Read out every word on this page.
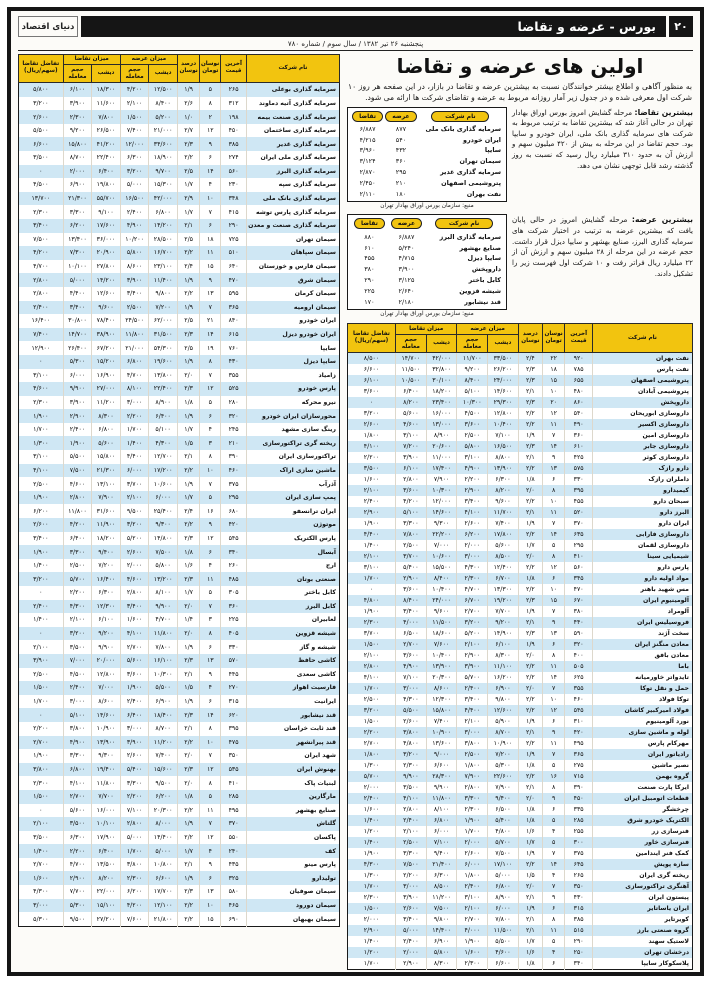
۲۰
بورس - عرضه و تقاضا
دنیای اقتصاد
پنجشنبه ۲۶ تیر ۱۳۸۲ / سال سوم / شماره ۷۸۰
اولین های عرضه و تقاضا

به منظور آگاهی و اطلاع بیشتر خوانندگان نسبت به بیشترین عرضه و تقاضا در بازار، در این صفحه هر روز ۱۰ شرکت اول معرفی شده و در جدول زیر آمار روزانه مربوط به عرضه و تقاضای شرکت ها ارائه می شود.

بیشترین تقاضا: مرحله گشایش امروز بورس اوراق بهادار تهران در حالی آغاز شد که بیشترین تقاضا به ترتیب مربوط به شرکت های سرمایه گذاری بانک ملی، ایران خودرو و سایپا بود. حجم تقاضا در این مرحله به بیش از ۴۲۰ میلیون سهم و ارزش آن به حدود ۳۱۰ میلیارد ریال رسید که نسبت به روز گذشته رشد قابل توجهی نشان می دهد.
نام شرکت	عرضه	تقاضا
سرمایه گذاری بانک ملی	۸۷۷	۶/۸۸۷
ایران خودرو	۵۴۰	۴/۲۱۵
سایپا	۴۳۲	۳/۹۶۰
سیمان تهران	۳۶۰	۳/۱۲۴
سرمایه گذاری غدیر	۲۹۵	۲/۸۷۰
پتروشیمی اصفهان	۲۱۰	۲/۴۵۰
نفت بهران	۱۸۰	۲/۱۱۰
منبع: سازمان بورس اوراق بهادار تهران
بیشترین عرضه: مرحله گشایش امروز در حالی پایان یافت که بیشترین عرضه به ترتیب در اختیار شرکت های سرمایه گذاری البرز، صنایع بهشهر و سایپا دیزل قرار داشت. حجم عرضه در این مرحله از ۲۸ میلیون سهم و ارزش آن از ۲۲ میلیارد ریال فراتر رفت و ۱۰ شرکت اول فهرست زیر را تشکیل دادند.
نام شرکت	عرضه	تقاضا
سرمایه گذاری البرز	۶/۸۸۷	۸۸۰
صنایع بهشهر	۵/۲۴۰	۶۱۰
سایپا دیزل	۴/۷۱۵	۴۵۵
داروپخش	۳/۹۰۰	۳۸۰
کابل باختر	۳/۱۲۵	۲۹۰
شیشه قزوین	۲/۶۴۰	۲۲۵
قند نیشابور	۲/۱۸۰	۱۷۰
منبع: سازمان بورس اوراق بهادار تهران
نام شرکت	آخرین قیمت	نوسان تومان	درصد نوسان	میزان عرضه		میزان تقاضا		تفاضل تقاضا (سهم/ریال)
				دیشب	حجم معامله	دیشب	حجم معامله	
نفت بهران	۹۲۰	۲۲	۲/۴	۳۳/۵۰۰	۱۱/۷۰۰	۴۲/۰۰۰	۱۴/۷۰۰	۸/۵۰۰
نفت پارس	۷۸۵	۱۸	۲/۳	۲۶/۲۰۰	۹/۲۰۰	۳۲/۸۰۰	۱۱/۵۰۰	۶/۶۰۰
پتروشیمی اصفهان	۶۵۵	۱۵	۲/۳	۲۴/۰۰۰	۸/۴۰۰	۳۰/۱۰۰	۱۰/۵۰۰	۶/۱۰۰
پتروشیمی آبادان	۴۸۰	۱۰	۲/۱	۱۴/۶۰۰	۵/۱۰۰	۱۸/۲۰۰	۶/۴۰۰	۳/۶۰۰
داروپخش	۸۶۰	۲۰	۲/۳	۲۹/۳۰۰	۱۰/۳۰۰	۲۳/۴۰۰	۸/۲۰۰	۰
داروسازی ابوریحان	۵۴۰	۱۲	۲/۲	۱۲/۸۰۰	۴/۵۰۰	۱۶/۰۰۰	۵/۶۰۰	۳/۲۰۰
داروسازی اکسیر	۴۹۰	۱۱	۲/۲	۱۰/۴۰۰	۳/۶۰۰	۱۳/۰۰۰	۴/۶۰۰	۲/۶۰۰
داروسازی امین	۳۶۰	۷	۱/۹	۷/۱۰۰	۲/۵۰۰	۸/۹۰۰	۳/۱۰۰	۱/۸۰۰
داروسازی جابر	۶۱۰	۱۴	۲/۳	۱۶/۵۰۰	۵/۸۰۰	۲۰/۶۰۰	۷/۲۰۰	۴/۱۰۰
داروسازی کوثر	۴۲۵	۹	۲/۱	۸/۸۰۰	۳/۱۰۰	۱۱/۰۰۰	۳/۹۰۰	۲/۲۰۰
دارو رازک	۵۷۵	۱۳	۲/۲	۱۳/۹۰۰	۴/۹۰۰	۱۷/۴۰۰	۶/۱۰۰	۳/۵۰۰
داملران رازک	۳۳۰	۶	۱/۸	۶/۳۰۰	۲/۲۰۰	۷/۹۰۰	۲/۸۰۰	۱/۶۰۰
کیمیدارو	۳۹۵	۸	۲/۰	۸/۲۰۰	۲/۹۰۰	۱۰/۳۰۰	۳/۶۰۰	۲/۱۰۰
سبحان دارو	۴۵۵	۱۰	۲/۲	۹/۶۰۰	۳/۴۰۰	۱۲/۰۰۰	۴/۲۰۰	۲/۴۰۰
البرز دارو	۵۲۰	۱۱	۲/۱	۱۱/۷۰۰	۴/۱۰۰	۱۴/۶۰۰	۵/۱۰۰	۲/۹۰۰
ایران دارو	۳۷۰	۷	۱/۹	۷/۴۰۰	۲/۶۰۰	۹/۳۰۰	۳/۳۰۰	۱/۹۰۰
داروسازی فارابی	۶۳۵	۱۴	۲/۲	۱۷/۸۰۰	۶/۲۰۰	۲۲/۲۰۰	۷/۸۰۰	۴/۴۰۰
داروسازی لقمان	۲۹۵	۵	۱/۷	۵/۶۰۰	۲/۰۰۰	۷/۰۰۰	۲/۵۰۰	۱/۴۰۰
شیمیایی سینا	۴۱۰	۸	۲/۰	۸/۵۰۰	۳/۰۰۰	۱۰/۶۰۰	۳/۷۰۰	۲/۱۰۰
پارس دارو	۵۶۰	۱۲	۲/۲	۱۲/۴۰۰	۴/۳۰۰	۱۵/۵۰۰	۵/۴۰۰	۳/۱۰۰
مواد اولیه دارو	۳۴۵	۶	۱/۸	۶/۷۰۰	۲/۳۰۰	۸/۴۰۰	۲/۹۰۰	۱/۷۰۰
مس شهید باهنر	۴۷۰	۱۰	۲/۲	۱۳/۳۰۰	۴/۷۰۰	۱۰/۴۰۰	۳/۶۰۰	۰
آلومینیوم ایران	۶۷۰	۱۵	۲/۳	۱۹/۲۰۰	۶/۷۰۰	۲۴/۰۰۰	۸/۴۰۰	۴/۸۰۰
آلومراد	۳۸۰	۷	۱/۹	۷/۷۰۰	۲/۷۰۰	۹/۶۰۰	۳/۴۰۰	۱/۹۰۰
فروسیلیس ایران	۴۴۰	۹	۲/۱	۹/۲۰۰	۳/۲۰۰	۱۱/۵۰۰	۴/۰۰۰	۲/۳۰۰
سخت آژند	۵۹۰	۱۳	۲/۳	۱۴/۹۰۰	۵/۲۰۰	۱۸/۶۰۰	۶/۵۰۰	۳/۷۰۰
معادن منگنز ایران	۳۲۰	۶	۱/۹	۶/۱۰۰	۲/۱۰۰	۷/۶۰۰	۲/۷۰۰	۱/۵۰۰
معادن بافق	۴۰۰	۸	۲/۰	۸/۳۰۰	۲/۹۰۰	۱۰/۴۰۰	۳/۶۰۰	۲/۱۰۰
باما	۵۰۵	۱۱	۲/۲	۱۱/۱۰۰	۳/۹۰۰	۱۳/۹۰۰	۴/۹۰۰	۲/۸۰۰
تایدواتر خاورمیانه	۶۲۵	۱۴	۲/۲	۱۶/۲۰۰	۵/۷۰۰	۲۰/۳۰۰	۷/۱۰۰	۴/۱۰۰
حمل و نقل توکا	۳۵۵	۷	۲/۰	۶/۹۰۰	۲/۴۰۰	۸/۶۰۰	۳/۰۰۰	۱/۷۰۰
توکا فولاد	۴۶۰	۱۰	۲/۲	۹/۸۰۰	۳/۴۰۰	۱۲/۳۰۰	۴/۳۰۰	۲/۵۰۰
فولاد امیرکبیر کاشان	۵۴۵	۱۲	۲/۲	۱۲/۶۰۰	۴/۴۰۰	۱۵/۸۰۰	۵/۵۰۰	۳/۲۰۰
نورد آلومینیوم	۳۱۰	۶	۱/۹	۵/۹۰۰	۲/۱۰۰	۷/۴۰۰	۲/۶۰۰	۱/۵۰۰
لوله و ماشین سازی	۴۲۰	۹	۲/۱	۸/۷۰۰	۳/۰۰۰	۱۰/۹۰۰	۳/۸۰۰	۲/۲۰۰
مهرکام پارس	۴۹۵	۱۱	۲/۲	۱۰/۹۰۰	۳/۸۰۰	۱۳/۶۰۰	۴/۸۰۰	۲/۷۰۰
رادیاتور ایران	۳۶۵	۷	۱/۹	۷/۲۰۰	۲/۵۰۰	۹/۰۰۰	۳/۲۰۰	۱/۸۰۰
نصیر ماشین	۲۷۵	۵	۱/۸	۵/۳۰۰	۱/۸۰۰	۶/۶۰۰	۲/۳۰۰	۱/۳۰۰
گروه بهمن	۷۱۵	۱۶	۲/۲	۲۲/۶۰۰	۷/۹۰۰	۲۸/۳۰۰	۹/۹۰۰	۵/۷۰۰
ایرکا پارت صنعت	۳۹۰	۸	۲/۱	۷/۹۰۰	۲/۸۰۰	۹/۹۰۰	۳/۵۰۰	۲/۰۰۰
قطعات اتومبیل ایران	۴۵۰	۹	۲/۰	۹/۴۰۰	۳/۳۰۰	۱۱/۸۰۰	۴/۱۰۰	۲/۴۰۰
چرخشگر	۳۳۵	۶	۱/۸	۶/۵۰۰	۲/۳۰۰	۸/۱۰۰	۲/۸۰۰	۱/۶۰۰
الکتریک خودرو شرق	۲۸۵	۵	۱/۸	۵/۴۰۰	۱/۹۰۰	۶/۸۰۰	۲/۴۰۰	۱/۴۰۰
فنرسازی زر	۲۵۵	۴	۱/۶	۴/۸۰۰	۱/۷۰۰	۶/۰۰۰	۲/۱۰۰	۱/۲۰۰
فنرسازی خاور	۳۰۰	۵	۱/۷	۵/۷۰۰	۲/۰۰۰	۷/۱۰۰	۲/۵۰۰	۱/۴۰۰
کمک فنر ایندامین	۳۷۵	۷	۱/۹	۷/۵۰۰	۲/۶۰۰	۹/۴۰۰	۳/۳۰۰	۱/۹۰۰
سازه پویش	۶۴۵	۱۴	۲/۲	۱۷/۱۰۰	۶/۰۰۰	۲۱/۴۰۰	۷/۵۰۰	۴/۳۰۰
ریخته گری ایران	۲۶۵	۴	۱/۵	۵/۰۰۰	۱/۸۰۰	۶/۳۰۰	۲/۲۰۰	۱/۳۰۰
آهنگری تراکتورسازی	۳۵۰	۷	۲/۰	۶/۸۰۰	۲/۴۰۰	۸/۵۰۰	۳/۰۰۰	۱/۷۰۰
پیستون ایران	۴۳۰	۹	۲/۱	۸/۹۰۰	۳/۱۰۰	۱۱/۲۰۰	۳/۹۰۰	۲/۳۰۰
ایران یاساتایر	۳۱۵	۶	۱/۹	۶/۰۰۰	۲/۱۰۰	۷/۵۰۰	۲/۶۰۰	۱/۵۰۰
کویرتایر	۳۸۵	۸	۲/۱	۷/۸۰۰	۲/۷۰۰	۹/۸۰۰	۳/۴۰۰	۲/۰۰۰
گروه صنعتی بارز	۵۱۵	۱۱	۲/۱	۱۱/۵۰۰	۴/۰۰۰	۱۴/۴۰۰	۵/۰۰۰	۲/۹۰۰
لاستیک سهند	۲۹۰	۵	۱/۷	۵/۵۰۰	۱/۹۰۰	۶/۹۰۰	۲/۴۰۰	۱/۴۰۰
درخشان تهران	۲۵۰	۴	۱/۶	۴/۶۰۰	۱/۶۰۰	۵/۸۰۰	۲/۰۰۰	۱/۲۰۰
پلاسکوکار سایپا	۳۴۰	۶	۱/۸	۶/۶۰۰	۲/۳۰۰	۸/۳۰۰	۲/۹۰۰	۱/۷۰۰
نام شرکت	آخرین قیمت	نوسان تومان	درصد نوسان	میزان عرضه		میزان تقاضا		تفاضل تقاضا (سهم/ریال)
				دیشب	حجم معامله	دیشب	حجم معامله	
سرمایه گذاری بوعلی	۲۶۵	۵	۱/۹	۱۲/۵۰۰	۴/۲۰۰	۱۸/۳۰۰	۶/۱۰۰	۵/۸۰۰
سرمایه گذاری آتیه دماوند	۳۱۲	۸	۲/۶	۸/۴۰۰	۲/۱۰۰	۱۱/۶۰۰	۳/۹۰۰	۳/۲۰۰
سرمایه گذاری صنعت بیمه	۱۹۸	۲	۱/۰	۵/۲۰۰	۱/۵۰۰	۷/۸۰۰	۲/۳۰۰	۲/۶۰۰
سرمایه گذاری ساختمان	۴۵۰	۱۲	۲/۷	۲۱/۰۰۰	۷/۴۰۰	۲۶/۵۰۰	۹/۲۰۰	۵/۵۰۰
سرمایه گذاری غدیر	۳۸۵	۹	۲/۳	۳۴/۶۰۰	۱۲/۰۰۰	۴۱/۲۰۰	۱۵/۸۰۰	۶/۶۰۰
سرمایه گذاری ملی ایران	۲۷۴	۶	۲/۲	۱۸/۹۰۰	۶/۳۰۰	۲۲/۴۰۰	۸/۷۰۰	۳/۵۰۰
سرمایه گذاری البرز	۵۶۰	۱۴	۲/۵	۹/۷۰۰	۳/۲۰۰	۶/۴۰۰	۲/۰۰۰	۰
سرمایه گذاری سپه	۲۳۰	۴	۱/۷	۱۵/۳۰۰	۵/۰۰۰	۱۹/۸۰۰	۶/۹۰۰	۴/۵۰۰
سرمایه گذاری بانک ملی	۳۴۸	۱۰	۲/۹	۴۲/۰۰۰	۱۶/۵۰۰	۵۵/۷۰۰	۲۱/۳۰۰	۱۳/۷۰۰
سرمایه گذاری پارس توشه	۴۱۵	۷	۱/۷	۶/۸۰۰	۲/۴۰۰	۹/۱۰۰	۳/۳۰۰	۲/۳۰۰
سرمایه گذاری صنعت و معدن	۲۹۰	۶	۲/۱	۱۴/۲۰۰	۴/۹۰۰	۱۷/۶۰۰	۶/۲۰۰	۳/۴۰۰
سیمان تهران	۷۲۵	۱۸	۲/۵	۲۸/۵۰۰	۱۰/۲۰۰	۳۶/۰۰۰	۱۳/۴۰۰	۷/۵۰۰
سیمان سپاهان	۵۱۰	۱۱	۲/۲	۱۶/۷۰۰	۵/۸۰۰	۲۰/۹۰۰	۷/۳۰۰	۴/۲۰۰
سیمان فارس و خوزستان	۶۴۰	۱۵	۲/۴	۲۳/۱۰۰	۸/۶۰۰	۲۷/۸۰۰	۱۰/۱۰۰	۴/۷۰۰
سیمان شرق	۴۷۰	۹	۱/۹	۱۱/۴۰۰	۳/۹۰۰	۱۴/۲۰۰	۵/۰۰۰	۲/۸۰۰
سیمان کرمان	۵۹۵	۱۳	۲/۲	۹/۸۰۰	۳/۴۰۰	۱۲/۶۰۰	۴/۴۰۰	۲/۸۰۰
سیمان ارومیه	۳۶۵	۷	۱/۹	۷/۲۰۰	۲/۵۰۰	۹/۶۰۰	۳/۴۰۰	۲/۴۰۰
ایران خودرو	۸۴۰	۲۱	۲/۵	۶۲/۰۰۰	۲۴/۵۰۰	۷۸/۴۰۰	۳۰/۸۰۰	۱۶/۴۰۰
ایران خودرو دیزل	۶۱۵	۱۴	۲/۳	۳۱/۵۰۰	۱۱/۸۰۰	۳۸/۹۰۰	۱۴/۷۰۰	۷/۴۰۰
سایپا	۷۶۰	۱۹	۲/۵	۵۴/۳۰۰	۲۱/۰۰۰	۶۷/۲۰۰	۲۶/۴۰۰	۱۲/۹۰۰
سایپا دیزل	۴۳۰	۸	۱/۹	۱۹/۶۰۰	۶/۸۰۰	۱۵/۲۰۰	۵/۳۰۰	۰
زامیاد	۳۵۵	۷	۲/۰	۱۳/۸۰۰	۴/۷۰۰	۱۶/۹۰۰	۶/۰۰۰	۳/۱۰۰
پارس خودرو	۵۲۵	۱۲	۲/۳	۲۲/۴۰۰	۸/۱۰۰	۲۷/۰۰۰	۹/۹۰۰	۴/۶۰۰
نیرو محرکه	۲۸۰	۵	۱/۸	۸/۹۰۰	۳/۰۰۰	۱۱/۲۰۰	۳/۹۰۰	۲/۳۰۰
محورسازان ایران خودرو	۳۲۰	۶	۱/۹	۶/۴۰۰	۲/۲۰۰	۸/۳۰۰	۲/۹۰۰	۱/۹۰۰
رینگ سازی مشهد	۲۴۵	۴	۱/۷	۵/۱۰۰	۱/۷۰۰	۶/۸۰۰	۲/۴۰۰	۱/۷۰۰
ریخته گری تراکتورسازی	۲۱۰	۳	۱/۵	۴/۳۰۰	۱/۴۰۰	۵/۶۰۰	۱/۹۰۰	۱/۳۰۰
تراکتورسازی ایران	۳۹۰	۸	۲/۱	۱۲/۷۰۰	۴/۴۰۰	۱۵/۸۰۰	۵/۵۰۰	۳/۱۰۰
ماشین سازی اراک	۴۶۰	۱۰	۲/۲	۱۷/۲۰۰	۶/۰۰۰	۲۱/۳۰۰	۷/۵۰۰	۴/۱۰۰
آذرآب	۳۷۵	۷	۱/۹	۱۰/۶۰۰	۳/۷۰۰	۱۳/۱۰۰	۴/۶۰۰	۲/۵۰۰
پمپ سازی ایران	۲۹۵	۵	۱/۷	۶/۰۰۰	۲/۱۰۰	۷/۹۰۰	۲/۸۰۰	۱/۹۰۰
ایران ترانسفو	۶۸۰	۱۶	۲/۴	۲۵/۴۰۰	۹/۵۰۰	۳۱/۶۰۰	۱۱/۸۰۰	۶/۲۰۰
موتوژن	۴۲۰	۹	۲/۲	۹/۳۰۰	۳/۲۰۰	۱۱/۹۰۰	۴/۲۰۰	۲/۶۰۰
پارس الکتریک	۵۴۵	۱۲	۲/۳	۱۴/۸۰۰	۵/۲۰۰	۱۸/۲۰۰	۶/۴۰۰	۳/۴۰۰
آبسال	۳۴۰	۶	۱/۸	۷/۵۰۰	۲/۶۰۰	۹/۴۰۰	۳/۳۰۰	۱/۹۰۰
ارج	۲۶۰	۴	۱/۶	۵/۸۰۰	۲/۰۰۰	۷/۲۰۰	۲/۵۰۰	۱/۴۰۰
صنعتی بوتان	۴۸۵	۱۱	۲/۳	۱۳/۲۰۰	۴/۶۰۰	۱۶/۴۰۰	۵/۷۰۰	۳/۲۰۰
کابل باختر	۳۰۵	۵	۱/۷	۸/۱۰۰	۲/۸۰۰	۶/۳۰۰	۲/۲۰۰	۰
کابل البرز	۳۶۰	۷	۲/۰	۹/۹۰۰	۳/۴۰۰	۱۲/۳۰۰	۴/۳۰۰	۲/۴۰۰
لعابیران	۲۲۵	۳	۱/۴	۴/۷۰۰	۱/۶۰۰	۶/۱۰۰	۲/۱۰۰	۱/۴۰۰
شیشه قزوین	۴۰۵	۸	۲/۰	۱۱/۸۰۰	۴/۱۰۰	۹/۲۰۰	۳/۲۰۰	۰
شیشه و گاز	۳۳۰	۶	۱/۹	۷/۸۰۰	۲/۷۰۰	۹/۹۰۰	۳/۵۰۰	۲/۱۰۰
کاشی حافظ	۵۷۰	۱۳	۲/۳	۱۶/۱۰۰	۵/۶۰۰	۲۰/۰۰۰	۷/۰۰۰	۳/۹۰۰
کاشی سعدی	۴۴۵	۹	۲/۱	۱۰/۳۰۰	۳/۶۰۰	۱۲/۸۰۰	۴/۵۰۰	۲/۵۰۰
فارسیت اهواز	۲۷۰	۴	۱/۵	۵/۵۰۰	۱/۹۰۰	۷/۰۰۰	۲/۴۰۰	۱/۵۰۰
ایرانیت	۳۱۵	۶	۱/۹	۶/۹۰۰	۲/۴۰۰	۸/۶۰۰	۳/۰۰۰	۱/۷۰۰
قند نیشابور	۶۲۰	۱۴	۲/۳	۱۸/۴۰۰	۶/۴۰۰	۱۴/۶۰۰	۵/۱۰۰	۰
قند ثابت خراسان	۳۹۵	۸	۲/۱	۸/۷۰۰	۳/۰۰۰	۱۰/۹۰۰	۳/۸۰۰	۲/۲۰۰
قند پیرانشهر	۴۷۵	۱۰	۲/۲	۱۱/۲۰۰	۳/۹۰۰	۱۳/۹۰۰	۴/۹۰۰	۲/۷۰۰
شهد ایران	۳۵۰	۷	۲/۰	۷/۴۰۰	۲/۶۰۰	۹/۳۰۰	۳/۳۰۰	۱/۹۰۰
بهنوش ایران	۵۳۵	۱۲	۲/۳	۱۵/۶۰۰	۵/۴۰۰	۱۹/۴۰۰	۶/۸۰۰	۳/۸۰۰
لبنیات پاک	۴۱۰	۸	۲/۰	۹/۵۰۰	۳/۳۰۰	۱۱/۸۰۰	۴/۱۰۰	۲/۳۰۰
مارگارین	۲۸۵	۵	۱/۸	۶/۲۰۰	۲/۲۰۰	۷/۷۰۰	۲/۷۰۰	۱/۵۰۰
صنایع بهشهر	۴۹۵	۱۱	۲/۲	۲۰/۳۰۰	۷/۱۰۰	۱۶/۰۰۰	۵/۶۰۰	۰
گلتاش	۳۷۰	۷	۱/۹	۸/۰۰۰	۲/۸۰۰	۱۰/۱۰۰	۳/۵۰۰	۲/۱۰۰
پاکسان	۵۵۰	۱۲	۲/۲	۱۴/۴۰۰	۵/۰۰۰	۱۷/۹۰۰	۶/۳۰۰	۳/۵۰۰
کف	۲۴۰	۴	۱/۷	۵/۰۰۰	۱/۷۰۰	۶/۴۰۰	۲/۲۰۰	۱/۴۰۰
پارس مینو	۴۳۵	۹	۲/۱	۱۰/۸۰۰	۳/۸۰۰	۱۳/۵۰۰	۴/۷۰۰	۲/۷۰۰
تولیدارو	۳۲۵	۶	۱/۹	۶/۶۰۰	۲/۳۰۰	۸/۲۰۰	۲/۹۰۰	۱/۶۰۰
سیمان صوفیان	۵۸۰	۱۳	۲/۳	۱۷/۷۰۰	۶/۲۰۰	۲۲/۰۰۰	۷/۷۰۰	۴/۳۰۰
سیمان دورود	۴۶۵	۱۰	۲/۲	۱۲/۱۰۰	۴/۲۰۰	۱۵/۱۰۰	۵/۳۰۰	۳/۰۰۰
سیمان بهبهان	۶۹۰	۱۵	۲/۲	۲۱/۸۰۰	۷/۶۰۰	۲۷/۲۰۰	۹/۵۰۰	۵/۳۰۰
